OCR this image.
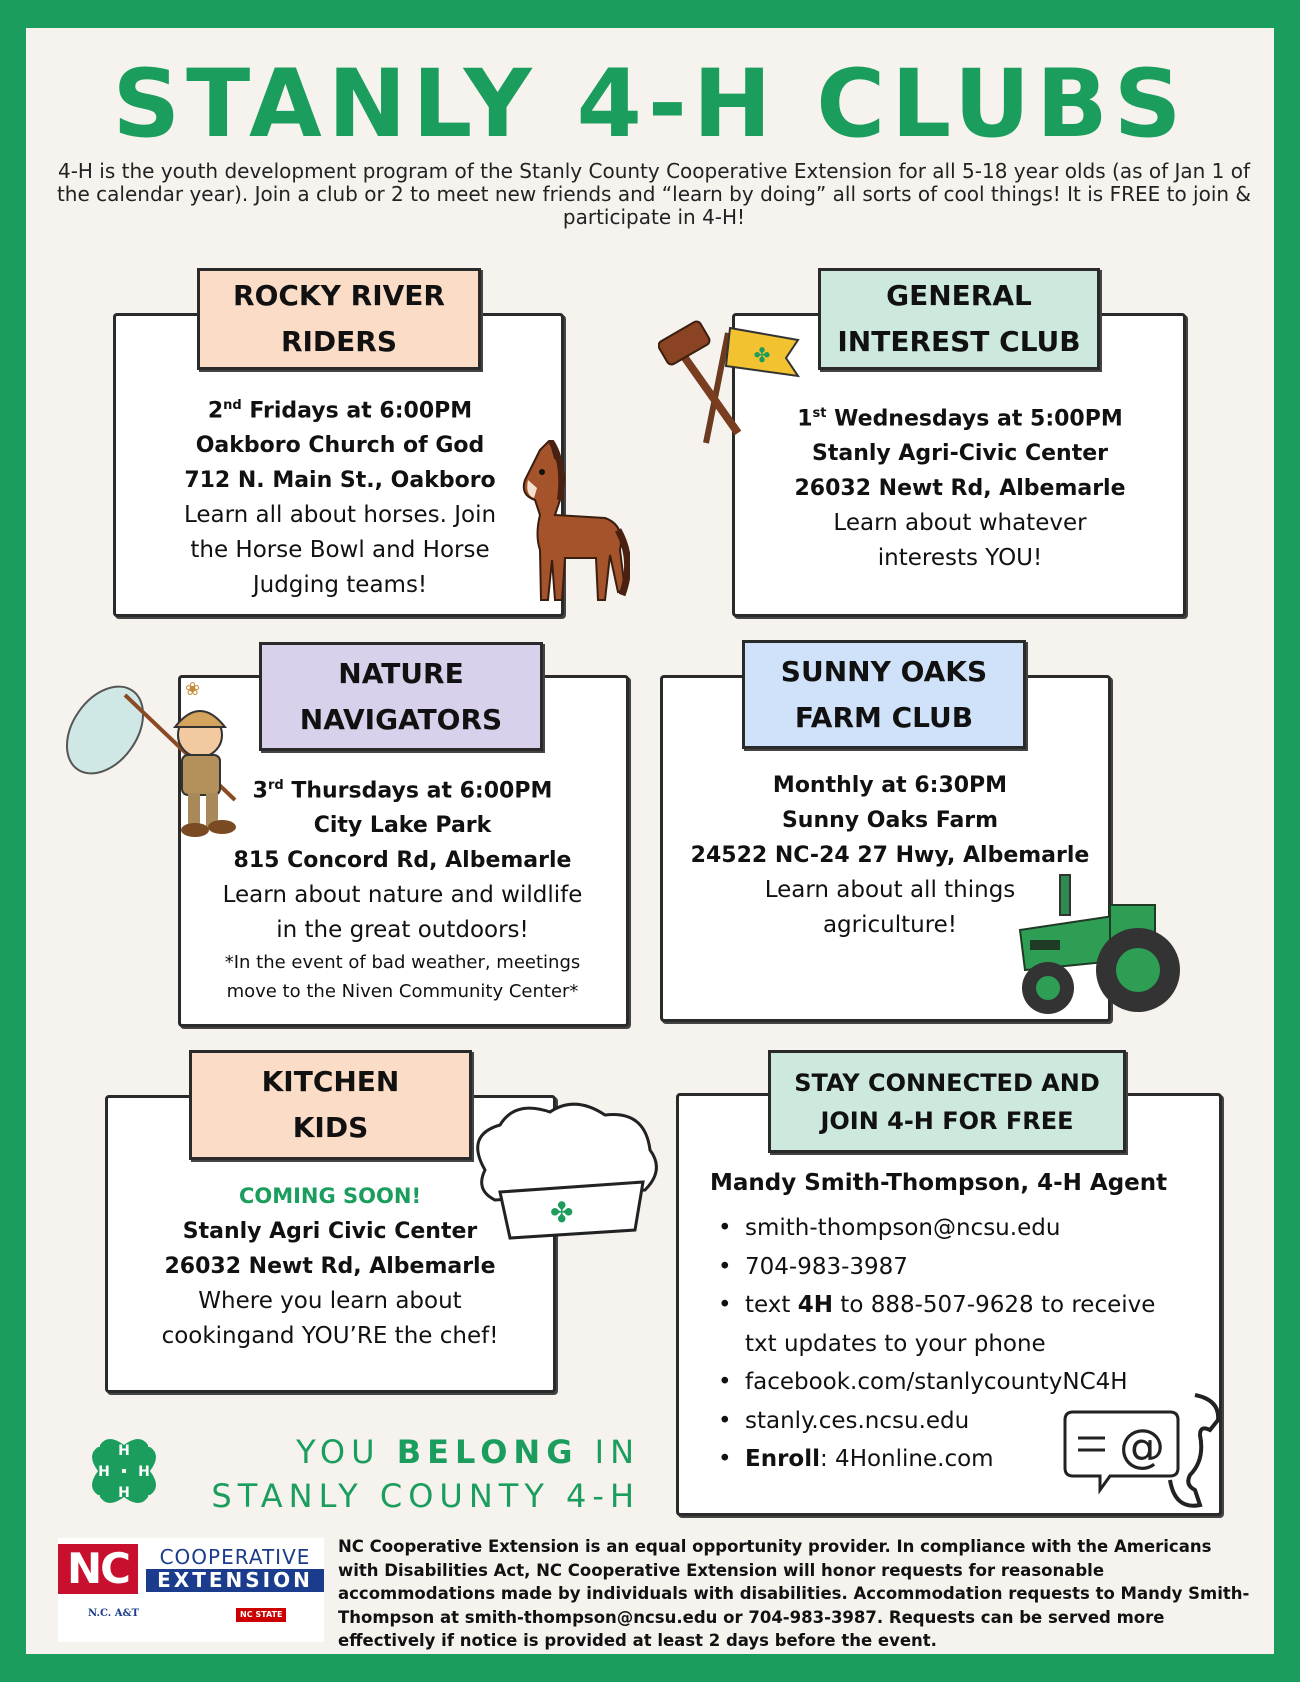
STANLY 4-H CLUBS
4-H is the youth development program of the Stanly County Cooperative Extension for all 5-18 year olds (as of Jan 1 of the calendar year). Join a club or 2 to meet new friends and “learn by doing” all sorts of cool things! It is FREE to join & participate in 4-H!
ROCKY RIVER
RIDERS
2nd Fridays at 6:00PM
Oakboro Church of God
712 N. Main St., Oakboro
Learn all about horses. Join
the Horse Bowl and Horse
Judging teams!
GENERAL
INTEREST CLUB
1st Wednesdays at 5:00PM
Stanly Agri-Civic Center
26032 Newt Rd, Albemarle
Learn about whatever
interests YOU!
✤
NATURE
NAVIGATORS
3rd Thursdays at 6:00PM
City Lake Park
815 Concord Rd, Albemarle
Learn about nature and wildlife
in the great outdoors!
*In the event of bad weather, meetings
move to the Niven Community Center*
❀
SUNNY OAKS
FARM CLUB
Monthly at 6:30PM
Sunny Oaks Farm
24522 NC-24 27 Hwy, Albemarle
Learn about all things
agriculture!
KITCHEN
KIDS
COMING SOON!
Stanly Agri Civic Center
26032 Newt Rd, Albemarle
Where you learn about
cookingand YOU’RE the chef!
✤
STAY CONNECTED AND
JOIN 4-H FOR FREE
Mandy Smith-Thompson, 4-H Agent
• smith-thompson@ncsu.edu
• 704-983-3987
• text 4H to 888-507-9628 to receive
txt updates to your phone
• facebook.com/stanlycountyNC4H
• stanly.ces.ncsu.edu
• Enroll: 4Honline.com	@
H
H
H
H
YOU BELONG IN
STANLY COUNTY 4-H
NC	COOPERATIVE
EXTENSION
N.C. A&T	NC STATE
NC Cooperative Extension is an equal opportunity provider. In compliance with the Americans with Disabilities Act, NC Cooperative Extension will honor requests for reasonable accommodations made by individuals with disabilities. Accommodation requests to Mandy Smith-Thompson at smith-thompson@ncsu.edu or 704-983-3987. Requests can be served more effectively if notice is provided at least 2 days before the event.
